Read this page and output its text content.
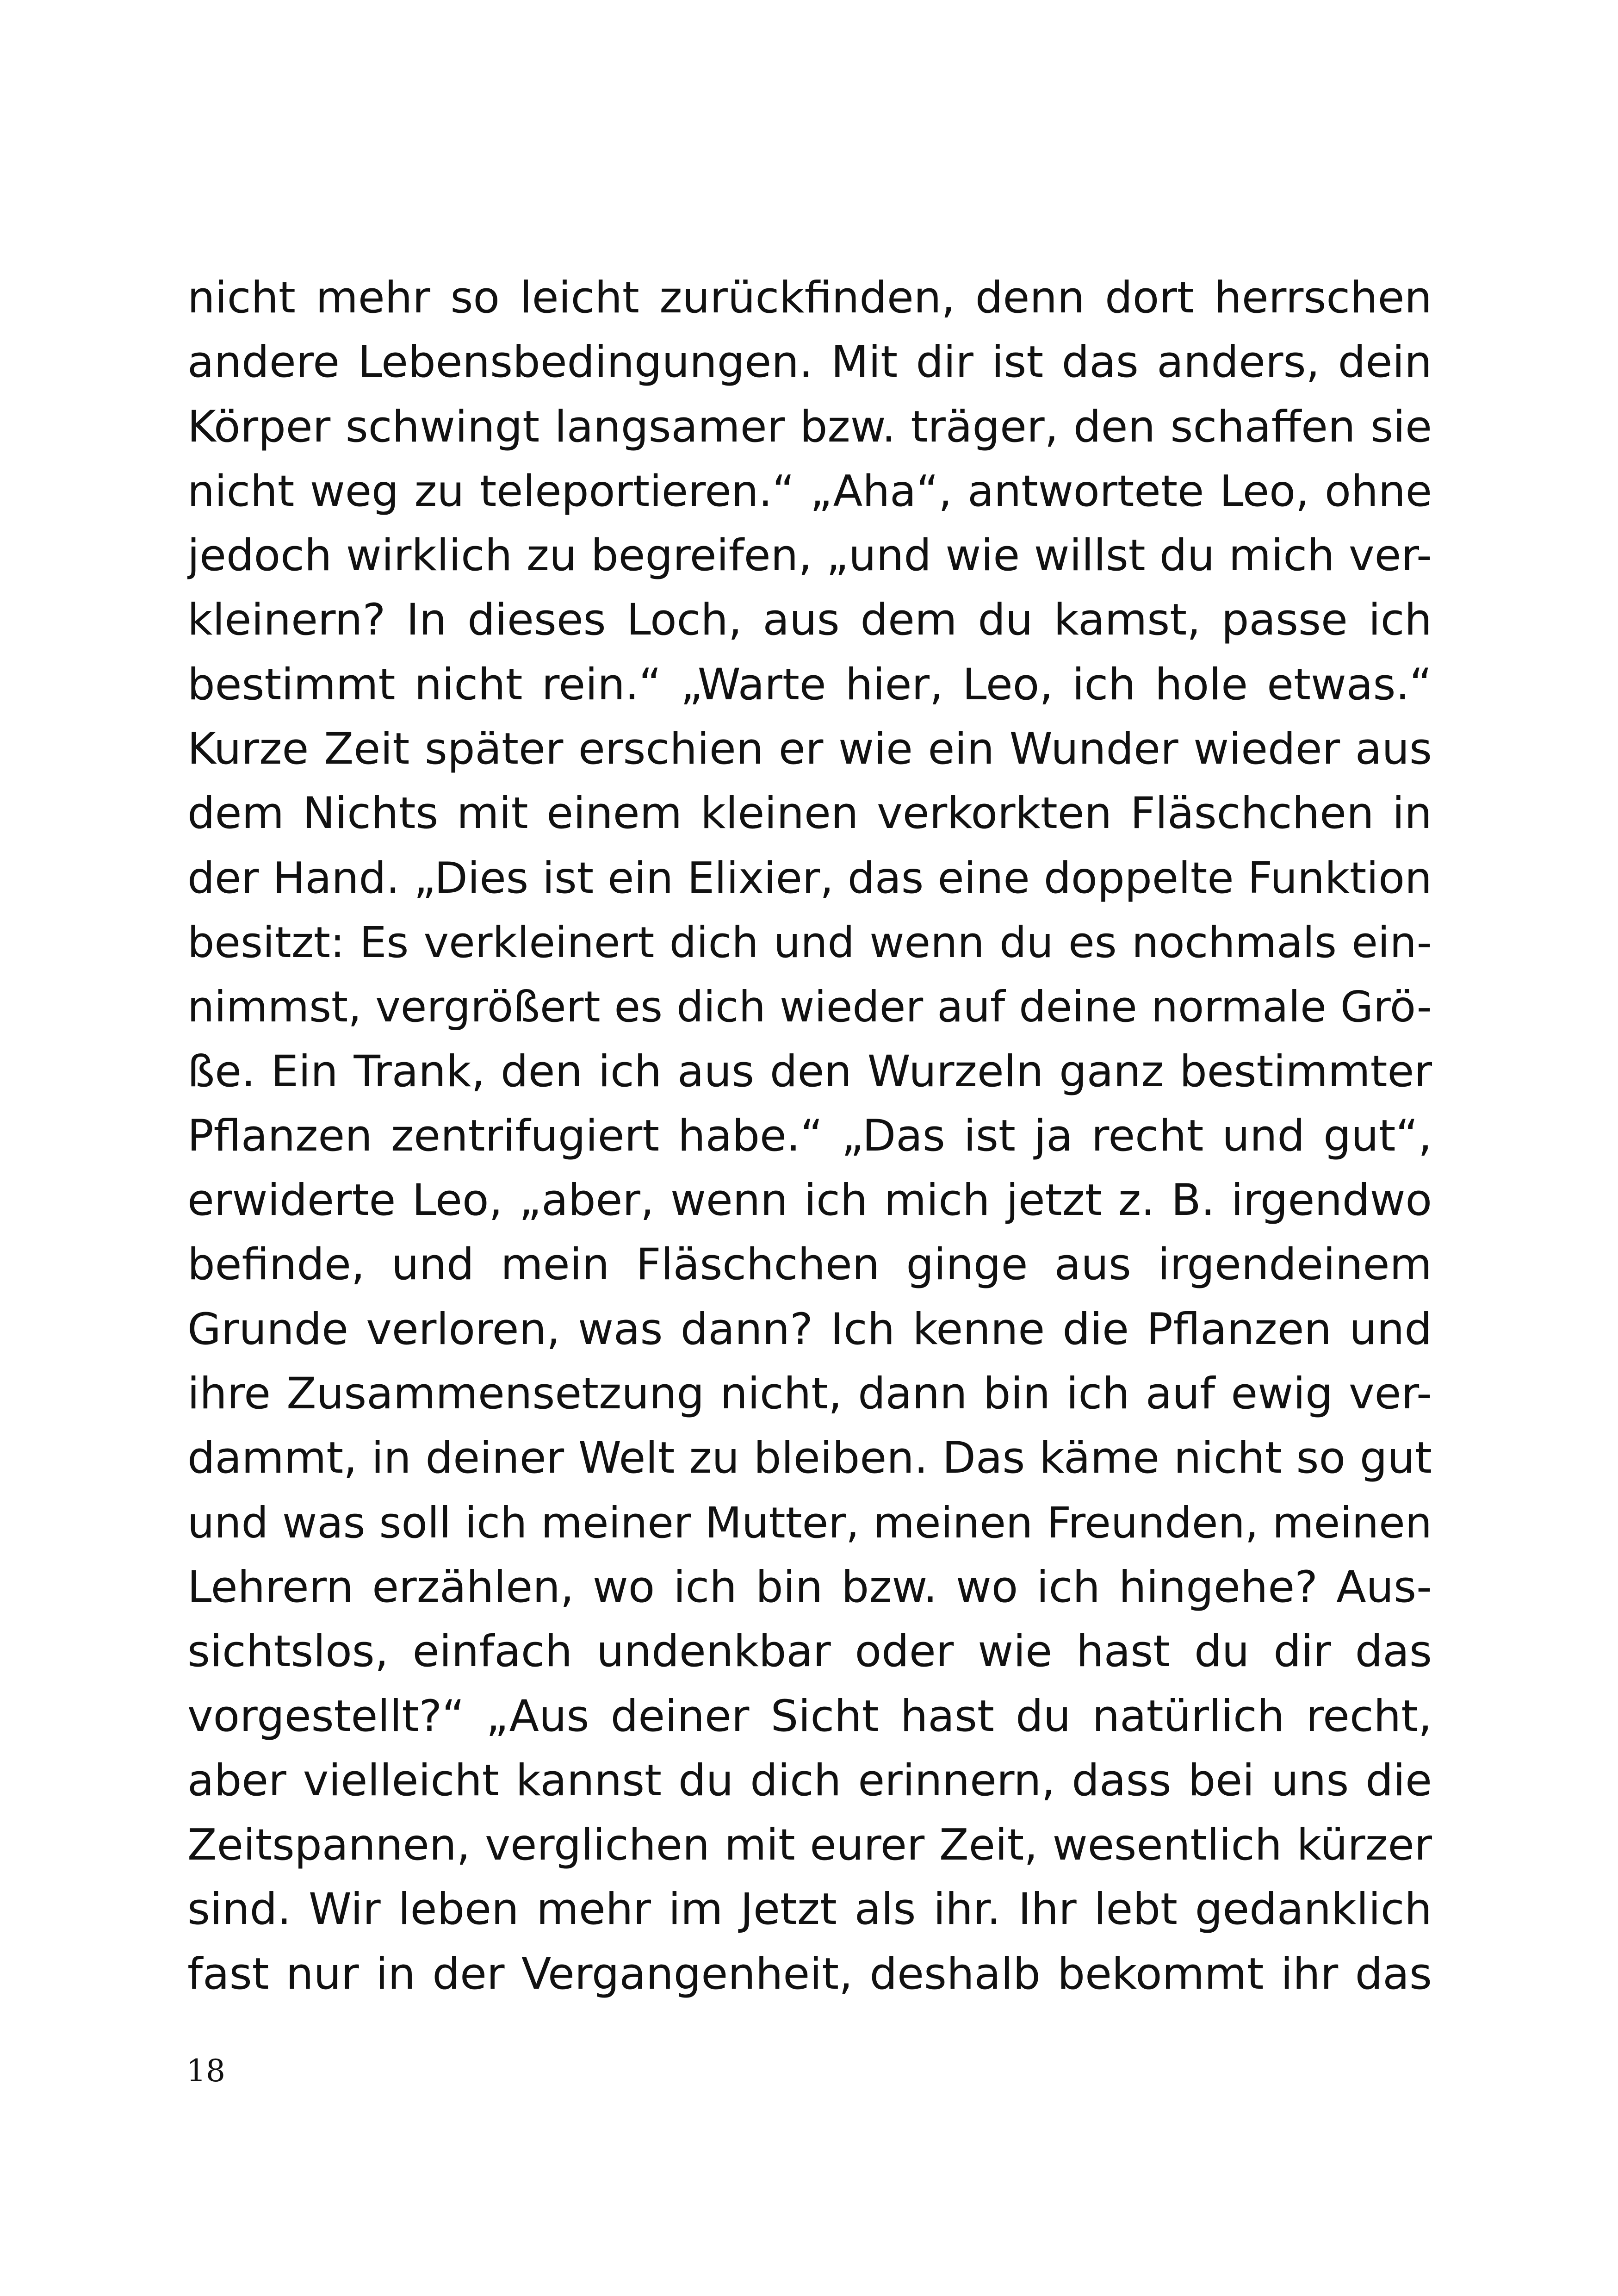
nicht mehr so leicht zurückfinden, denn dort herrschen
andere Lebensbedingungen. Mit dir ist das anders, dein
Körper schwingt langsamer bzw. träger, den schaffen sie
nicht weg zu teleportieren.“ „Aha“, antwortete Leo, ohne
jedoch wirklich zu begreifen, „und wie willst du mich ver-
kleinern? In dieses Loch, aus dem du kamst, passe ich
bestimmt nicht rein.“ „Warte hier, Leo, ich hole etwas.“
Kurze Zeit später erschien er wie ein Wunder wieder aus
dem Nichts mit einem kleinen verkorkten Fläschchen in
der Hand. „Dies ist ein Elixier, das eine doppelte Funktion
besitzt: Es verkleinert dich und wenn du es nochmals ein-
nimmst, vergrößert es dich wieder auf deine normale Grö-
ße. Ein Trank, den ich aus den Wurzeln ganz bestimmter
Pflanzen zentrifugiert habe.“ „Das ist ja recht und gut“,
erwiderte Leo, „aber, wenn ich mich jetzt z. B. irgendwo
befinde, und mein Fläschchen ginge aus irgendeinem
Grunde verloren, was dann? Ich kenne die Pflanzen und
ihre Zusammensetzung nicht, dann bin ich auf ewig ver-
dammt, in deiner Welt zu bleiben. Das käme nicht so gut
und was soll ich meiner Mutter, meinen Freunden, meinen
Lehrern erzählen, wo ich bin bzw. wo ich hingehe? Aus-
sichtslos, einfach undenkbar oder wie hast du dir das
vorgestellt?“ „Aus deiner Sicht hast du natürlich recht,
aber vielleicht kannst du dich erinnern, dass bei uns die
Zeitspannen, verglichen mit eurer Zeit, wesentlich kürzer
sind. Wir leben mehr im Jetzt als ihr. Ihr lebt gedanklich
fast nur in der Vergangenheit, deshalb bekommt ihr das
18
